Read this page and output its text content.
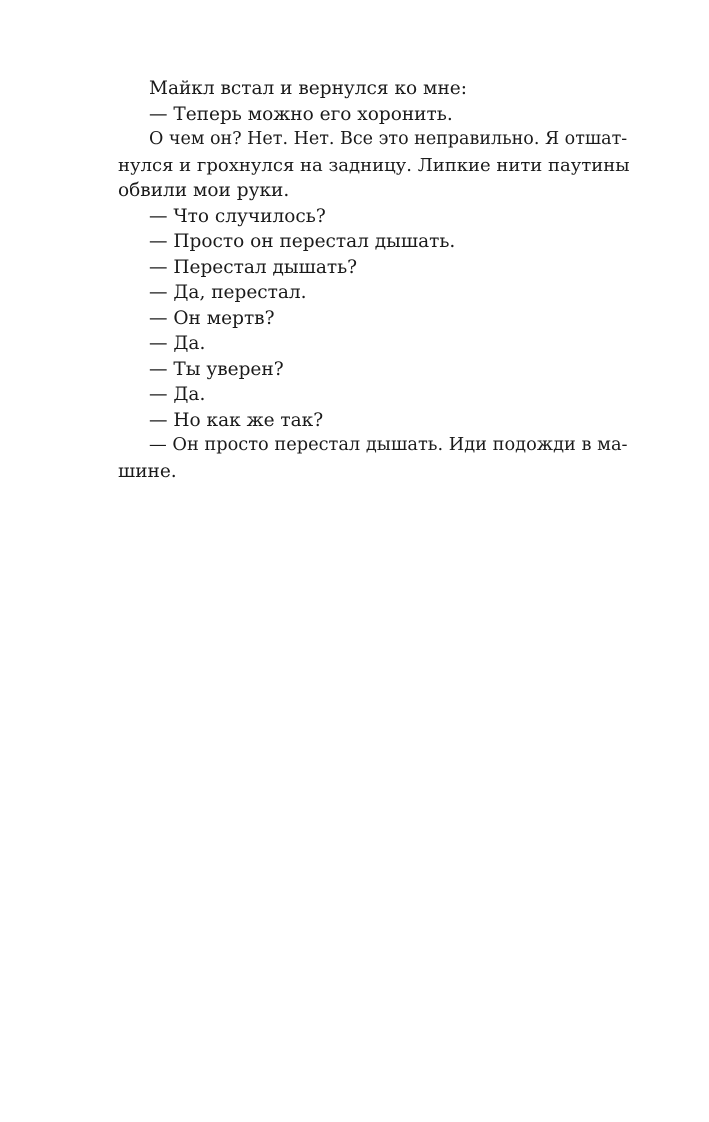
Майкл встал и вернулся ко мне:
— Теперь можно его хоронить.
О чем он? Нет. Нет. Все это неправильно. Я отшат-
нулся и грохнулся на задницу. Липкие нити паутины
обвили мои руки.
— Что случилось?
— Просто он перестал дышать.
— Перестал дышать?
— Да, перестал.
— Он мертв?
— Да.
— Ты уверен?
— Да.
— Но как же так?
— Он просто перестал дышать. Иди подожди в ма-
шине.
